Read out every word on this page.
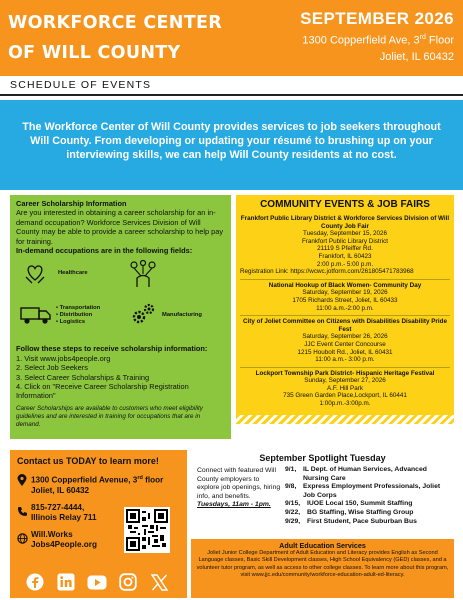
WORKFORCE CENTER
OF WILL COUNTY
SEPTEMBER 2026
1300 Copperfield Ave, 3rd Floor
Joliet, IL 60432
SCHEDULE OF EVENTS
The Workforce Center of Will County provides services to job seekers throughout Will County. From developing or updating your résumé to brushing up on your interviewing skills, we can help Will County residents at no cost.
Career Scholarship Information
Are you interested in obtaining a career scholarship for an in-demand occupation? Workforce Services Division of Will County may be able to provide a career scholarship to help pay for training.
In-demand occupations are in the following fields:
Healthcare
• Transportation
• Distribution
• Logistics
Manufacturing
Follow these steps to receive scholarship information:
1. Visit www.jobs4people.org
2. Select Job Seekers
3. Select Career Scholarships & Training
4. Click on "Receive Career Scholarship Registration Information"
Career Scholarships are available to customers who meet eligibility guidelines and are interested in training for occupations that are in demand.
COMMUNITY EVENTS & JOB FAIRS
Frankfort Public Library District & Workforce Services Division of Will County Job Fair
Tuesday, September 15, 2026
Frankfort Public Library District
21119 S Pfeiffer Rd.
Frankfort, IL 60423
2:00 p.m.- 5:00 p.m.
Registration Link: https://wcwc.jotform.com/261805471783968
National Hookup of Black Women- Community Day
Saturday, September 19, 2026
1705 Richards Street, Joliet, IL 60433
11:00 a.m.-2:00 p.m.
City of Joliet Committee on Citizens with Disabilities Disability Pride Fest
Saturday, September 26, 2026
JJC Event Center Concourse
1215 Houbolt Rd., Joliet, IL 60431
11:00 a.m.- 3:00 p.m.
Lockport Township Park District- Hispanic Heritage Festival
Sunday, September 27, 2026
A.F. Hill Park
735 Green Garden Place,Lockport, IL 60441
1:00p.m.-3:00p.m.
Contact us TODAY to learn more!
1300 Copperfield Avenue, 3rd floor
Joliet, IL 60432
815-727-4444,
Illinois Relay 711
Will.Works
Jobs4People.org
September Spotlight Tuesday
Connect with featured Will County employers to explore job openings, hiring info, and benefits.
Tuesdays, 11am - 1pm.
9/1, IL Dept. of Human Services, Advanced Nursing Care
9/8, Express Employment Professionals, Joliet Job Corps
9/15,	IUOE Local 150, Summit Staffing
9/22,	BG Staffing, Wise Staffing Group
9/29,	First Student, Pace Suburban Bus
Adult Education Services
Joliet Junior College Department of Adult Education and Literacy provides English as Second Language classes, Basic Skill Development classes, High School Equivalency (GED) classes, and a volunteer tutor program, as well as access to other college classes. To learn more about this program, visit www.jjc.edu/community/workforce-education-adult-ed-literacy.
